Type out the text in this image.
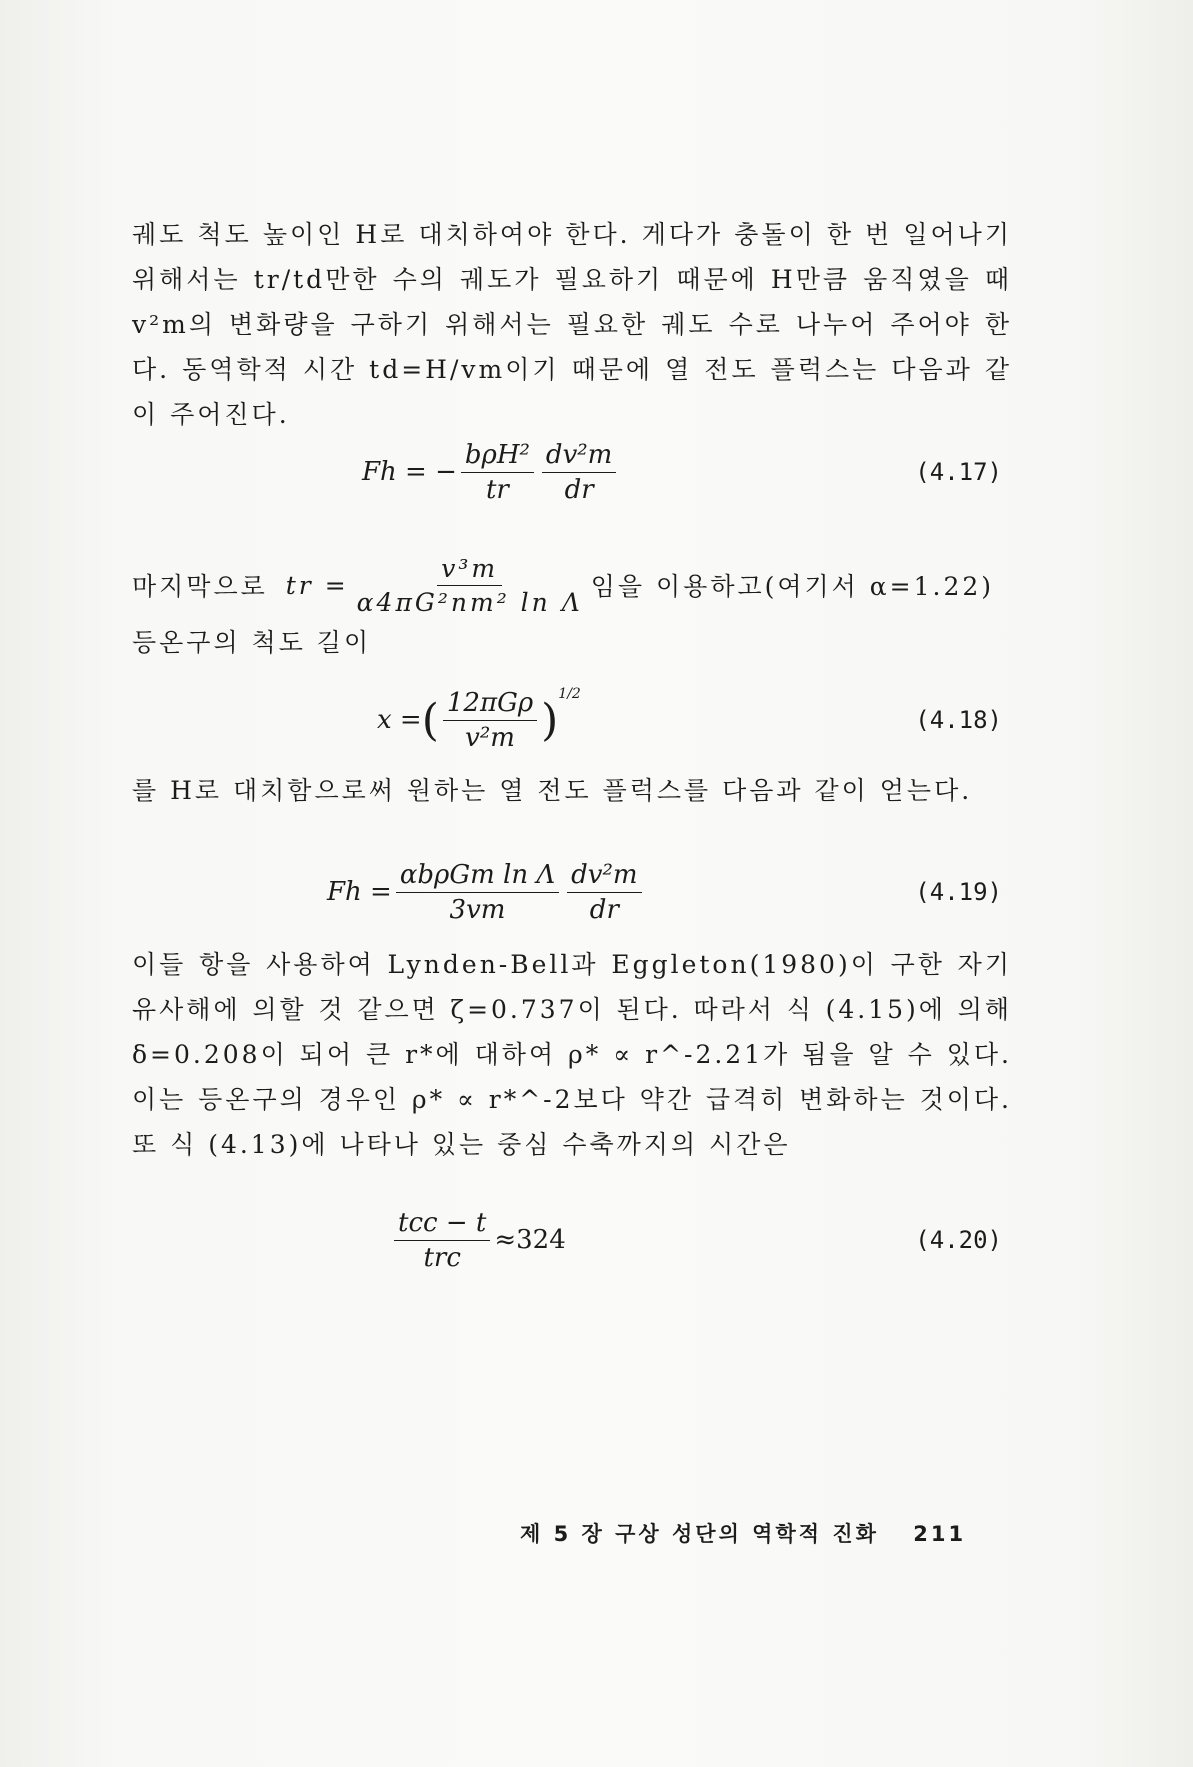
궤도 척도 높이인 H로 대치하여야 한다. 게다가 충돌이 한 번 일어나기 위해서는 tr/td만한 수의 궤도가 필요하기 때문에 H만큼 움직였을 때 v²m의 변화량을 구하기 위해서는 필요한 궤도 수로 나누어 주어야 한다. 동역학적 시간 td=H/vm이기 때문에 열 전도 플럭스는 다음과 같이 주어진다.

Fh = − $\frac{\text{bρH²}}{tr} \frac{\text{dv²m}}{dr}$	(4.17)
마지막으로 tr = $\frac{\text{v³m}}{\text{α4πG²nm² ln Λ}}$ 임을 이용하고(여기서 α=1.22)

등온구의 척도 길이

x = ( $\frac{\text{12πGρ}}{\text{v²m}}$ )
$^{1/2}$
(4.18)

를 H로 대치함으로써 원하는 열 전도 플럭스를 다음과 같이 얻는다.

$Fh = \frac{\text{αbρGm ln Λ}}{3vm} \frac{\text{dv²m}}{dr}$	(4.19)

이들 항을 사용하여 Lynden-Bell과 Eggleton(1980)이 구한 자기 유사해에 의할 것 같으면 ζ=0.737이 된다. 따라서 식 (4.15)에 의해 δ=0.208이 되어 큰 r*에 대하여 ρ* ∝ r^-2.21가 됨을 알 수 있다. 이는 등온구의 경우인 ρ* ∝ r*^-2보다 약간 급격히 변화하는 것이다. 또 식 (4.13)에 나타나 있는 중심 수축까지의 시간은

$\frac{\text{tcc − t}}{\text{trc}} \approx 324$	(4.20)
제 5 장 구상 성단의 역학적 진화 211
